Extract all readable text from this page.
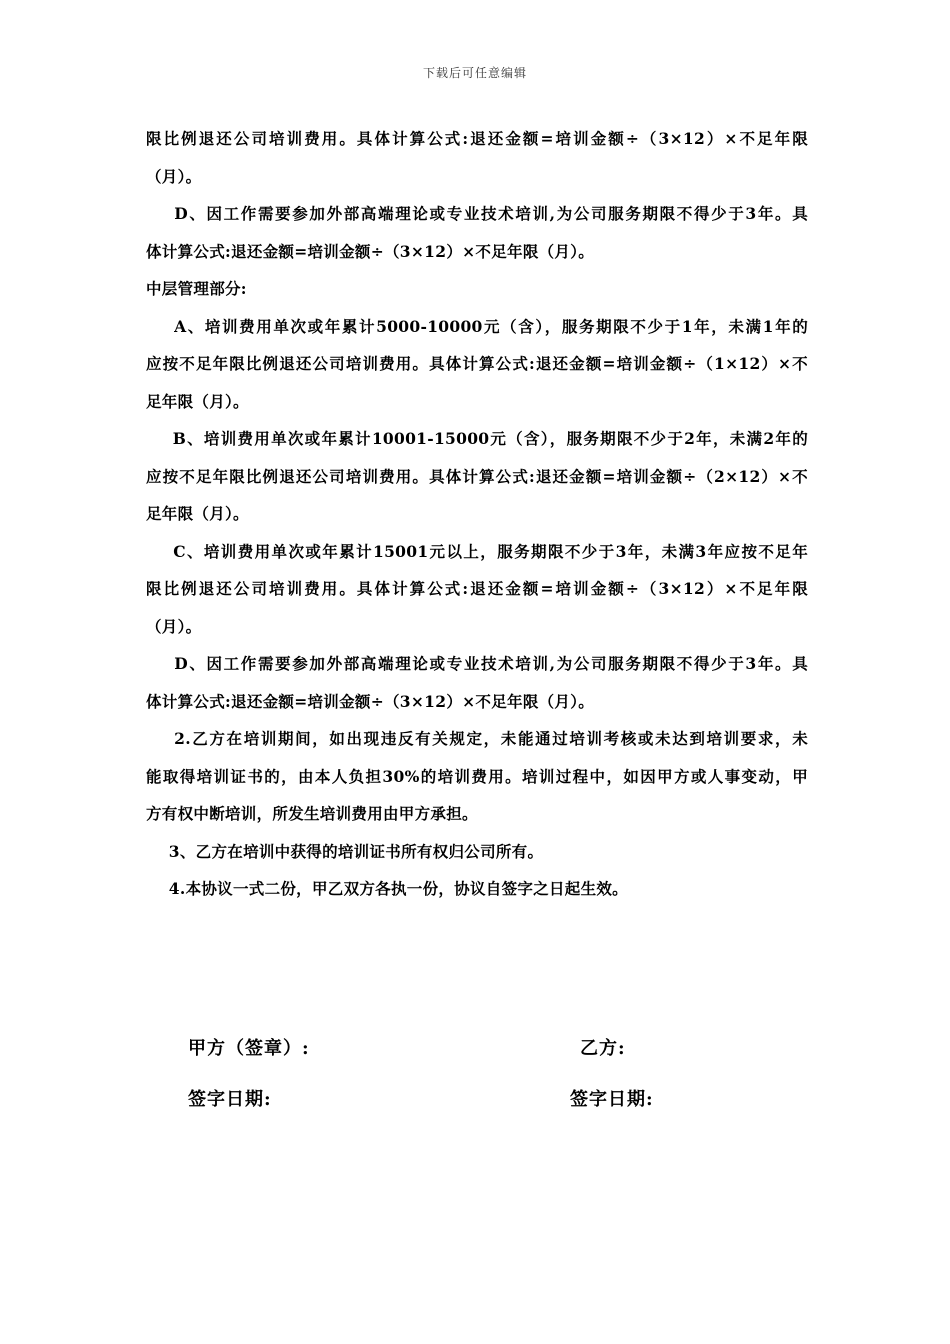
下载后可任意编辑
限比例退还公司培训费用。具体计算公式:退还金额=培训金额÷（3×12）×不足年限
（月）。
D、因工作需要参加外部高端理论或专业技术培训,为公司服务期限不得少于3年。具
体计算公式:退还金额=培训金额÷（3×12）×不足年限（月）。
中层管理部分:
A、培训费用单次或年累计5000-10000元（含），服务期限不少于1年，未满1年的
应按不足年限比例退还公司培训费用。具体计算公式:退还金额=培训金额÷（1×12）×不
足年限（月）。
B、培训费用单次或年累计10001-15000元（含），服务期限不少于2年，未满2年的
应按不足年限比例退还公司培训费用。具体计算公式:退还金额=培训金额÷（2×12）×不
足年限（月）。
C、培训费用单次或年累计15001元以上，服务期限不少于3年，未满3年应按不足年
限比例退还公司培训费用。具体计算公式:退还金额=培训金额÷（3×12）×不足年限
（月）。
D、因工作需要参加外部高端理论或专业技术培训,为公司服务期限不得少于3年。具
体计算公式:退还金额=培训金额÷（3×12）×不足年限（月）。
2.乙方在培训期间，如出现违反有关规定，未能通过培训考核或未达到培训要求，未
能取得培训证书的，由本人负担30%的培训费用。培训过程中，如因甲方或人事变动，甲
方有权中断培训，所发生培训费用由甲方承担。
3、乙方在培训中获得的培训证书所有权归公司所有。
4.本协议一式二份，甲乙双方各执一份，协议自签字之日起生效。
甲方（签章）:	乙方:
签字日期:	签字日期:
